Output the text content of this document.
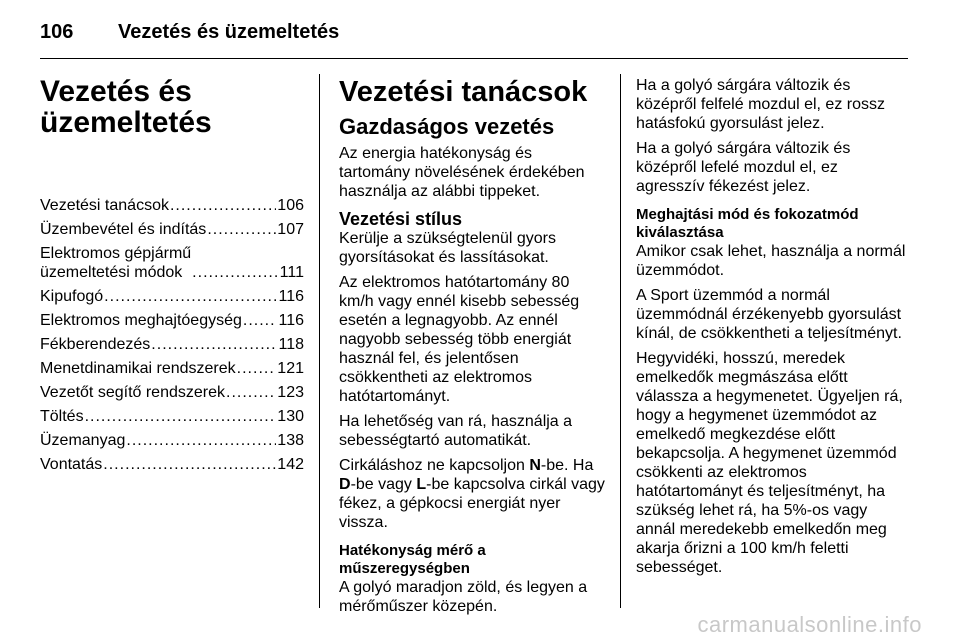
106	Vezetés és üzemeltetés
Vezetés és
üzemeltetés
Vezetési tanácsok .....	106
Üzembevétel és indítás .....	107
Elektromos gépjármű
üzemeltetési módok .....	111
Kipufogó .....	116
Elektromos meghajtóegység ..... 116
Fékberendezés .....	118
Menetdinamikai rendszerek .....	121
Vezetőt segítő rendszerek .....	123
Töltés .....	130
Üzemanyag .....	138
Vontatás .....	142
Vezetési tanácsok
Gazdaságos vezetés

Az energia hatékonyság és tartomány növelésének érdekében használja az alábbi tippeket.

Vezetési stílus

Kerülje a szükségtelenül gyors gyorsításokat és lassításokat.

Az elektromos hatótartomány 80 km/h vagy ennél kisebb sebesség esetén a legnagyobb. Az ennél nagyobb sebesség több energiát használ fel, és jelentősen csökkentheti az elektromos hatótartományt.

Ha lehetőség van rá, használja a sebességtartó automatikát.

Cirkáláshoz ne kapcsoljon N-be. Ha D-be vagy L-be kapcsolva cirkál vagy fékez, a gépkocsi energiát nyer vissza.

Hatékonyság mérő a műszeregységben

A golyó maradjon zöld, és legyen a mérőműszer közepén.

Ha a golyó sárgára változik és középről felfelé mozdul el, ez rossz hatásfokú gyorsulást jelez.

Ha a golyó sárgára változik és középről lefelé mozdul el, ez agresszív fékezést jelez.

Meghajtási mód és fokozatmód kiválasztása

Amikor csak lehet, használja a normál üzemmódot.

A Sport üzemmód a normál üzemmódnál érzékenyebb gyorsulást kínál, de csökkentheti a teljesítményt.

Hegyvidéki, hosszú, meredek emelkedők megmászása előtt válassza a hegymenetet. Ügyeljen rá, hogy a hegymenet üzemmódot az emelkedő megkezdése előtt bekapcsolja. A hegymenet üzemmód csökkenti az elektromos hatótartományt és teljesítményt, ha szükség lehet rá, ha 5%-os vagy annál meredekebb emelkedőn meg akarja őrizni a 100 km/h feletti sebességet.

carmanualsonline.info
